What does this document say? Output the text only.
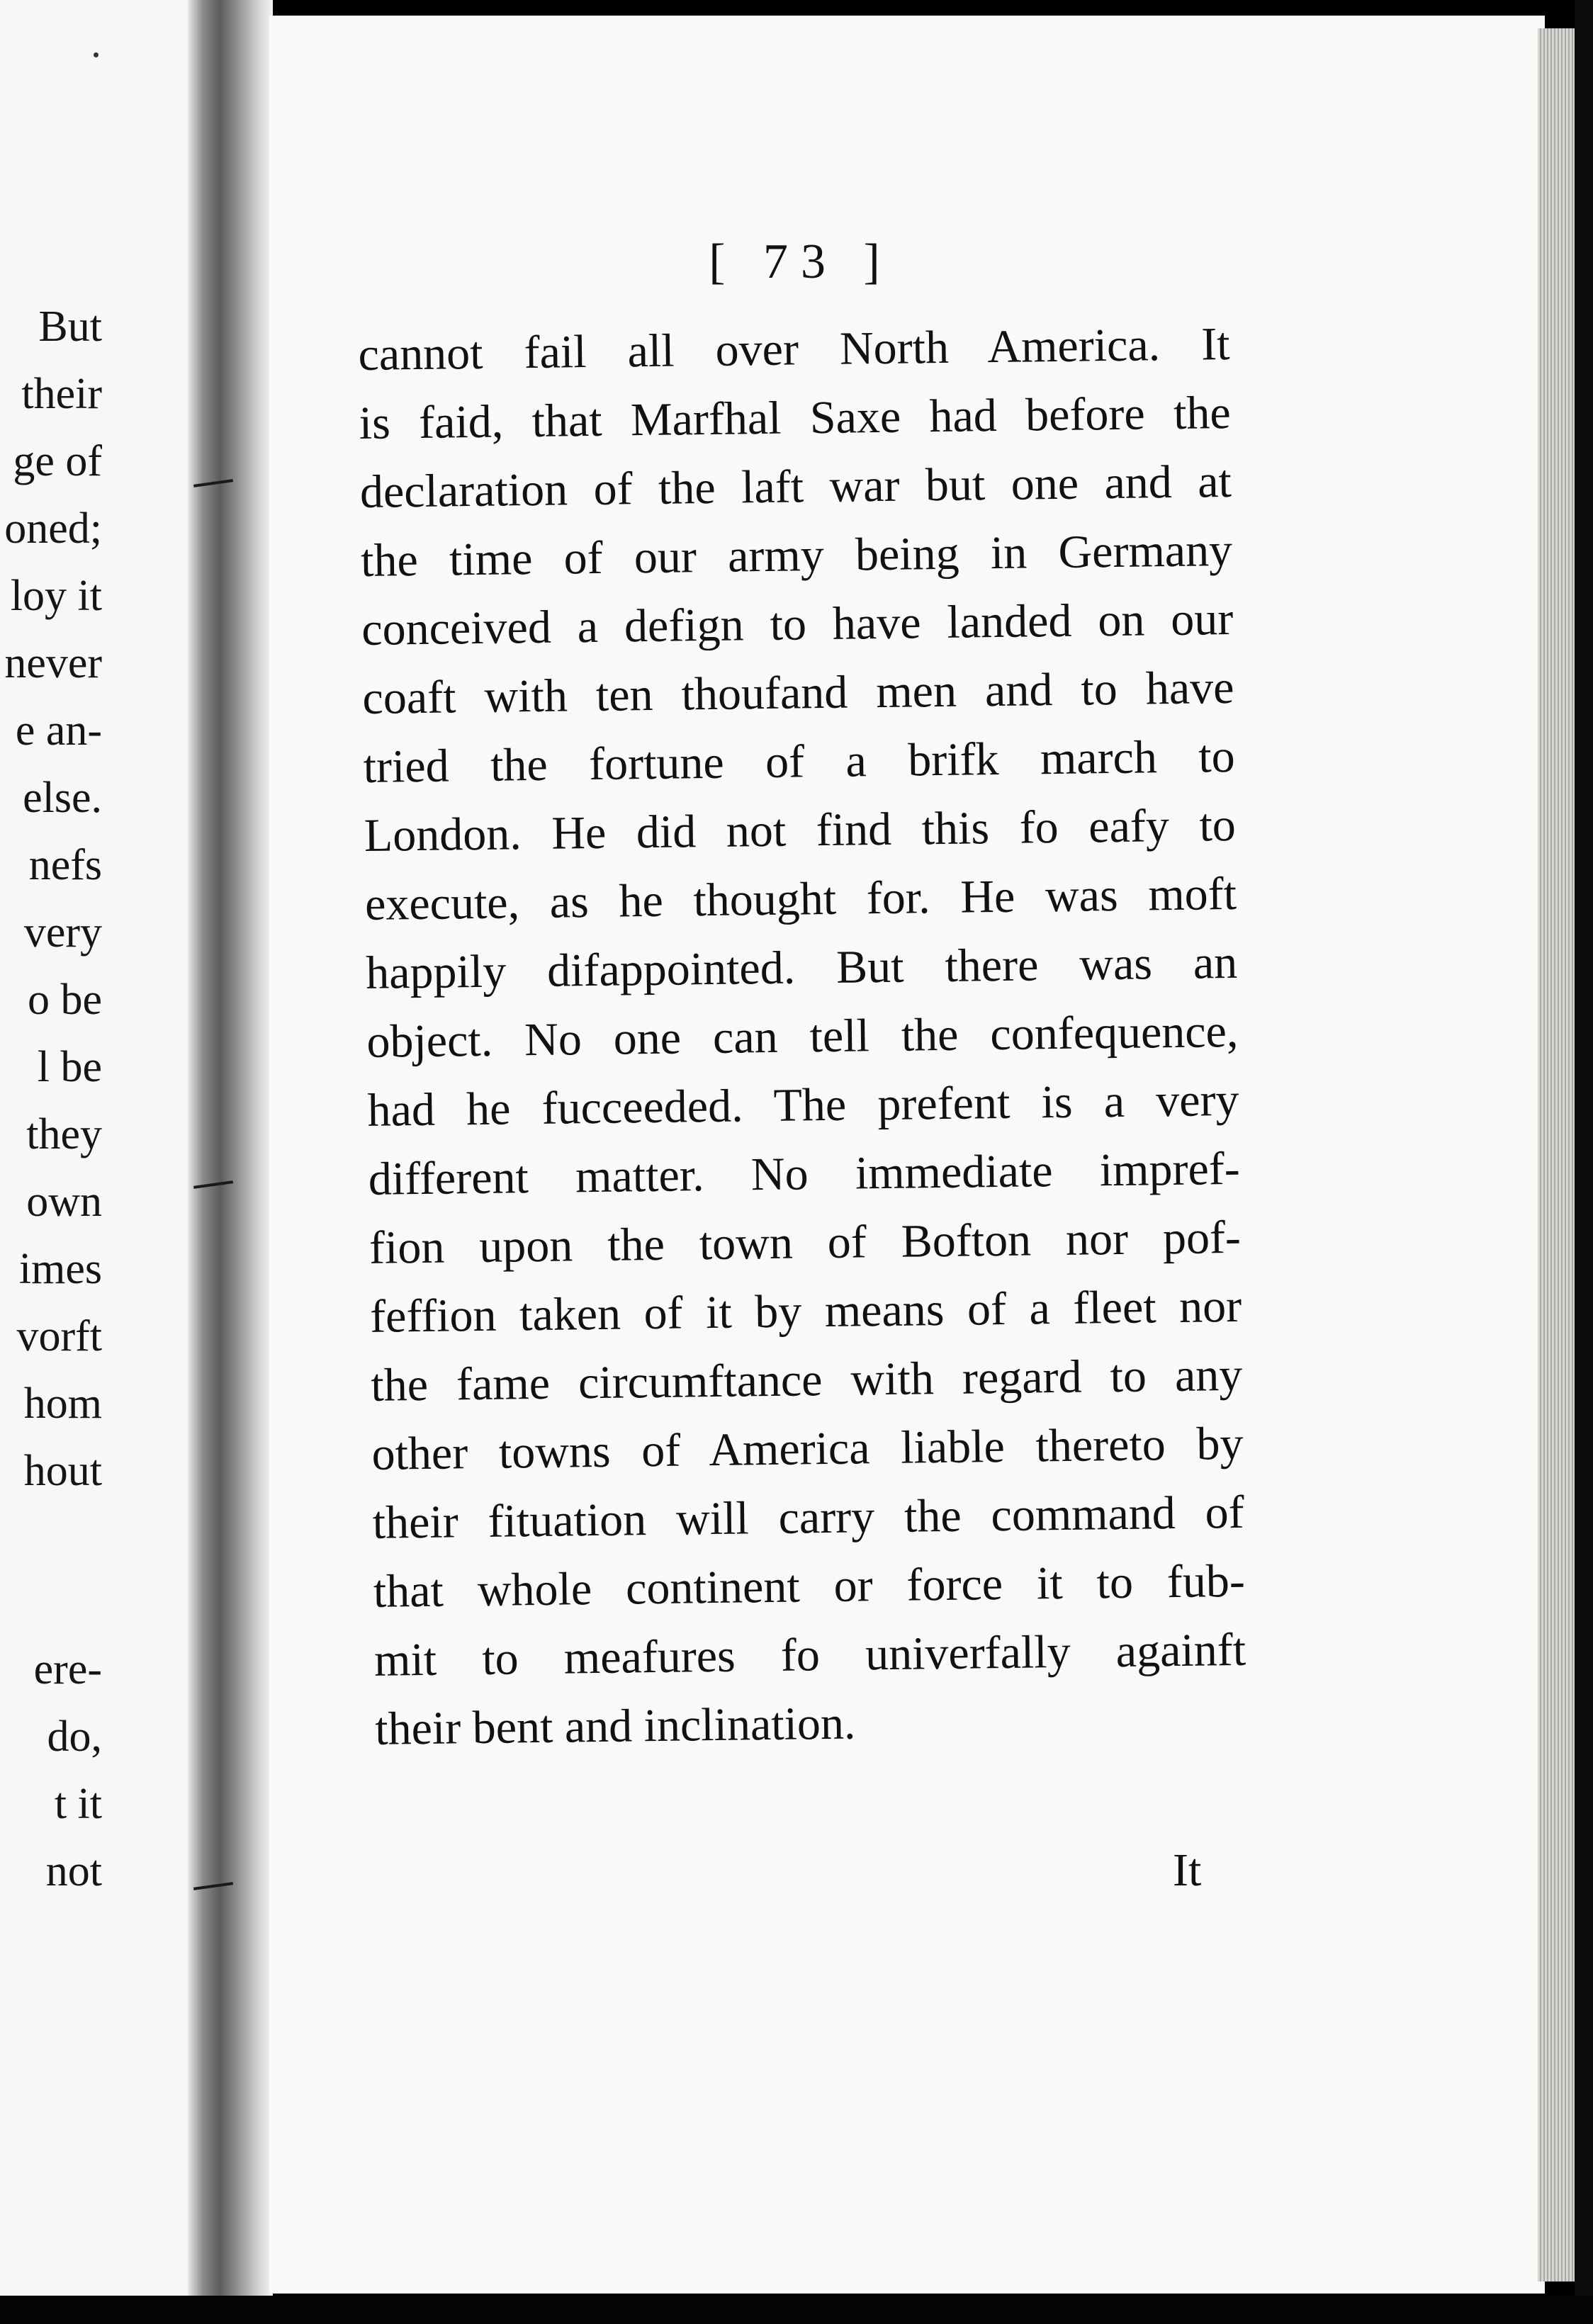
But
their
ge of
oned;
loy it
never
e an-
else.
nefs
very
o be
l be
they
own
imes
vorft
hom
hout
ere-
do,
t it
not
[ 73 ]
cannot fail all over North America. It
is faid, that Marfhal Saxe had before the
declaration of the laft war but one and at
the time of our army being in Germany
conceived a defign to have landed on our
coaft with ten thoufand men and to have
tried the fortune of a brifk march to
London. He did not find this fo eafy to
execute, as he thought for. He was moft
happily difappointed. But there was an
object. No one can tell the confequence,
had he fucceeded. The prefent is a very
different matter. No immediate impref-
fion upon the town of Bofton nor pof-
feffion taken of it by means of a fleet nor
the fame circumftance with regard to any
other towns of America liable thereto by
their fituation will carry the command of
that whole continent or force it to fub-
mit to meafures fo univerfally againft
their bent and inclination.
It
